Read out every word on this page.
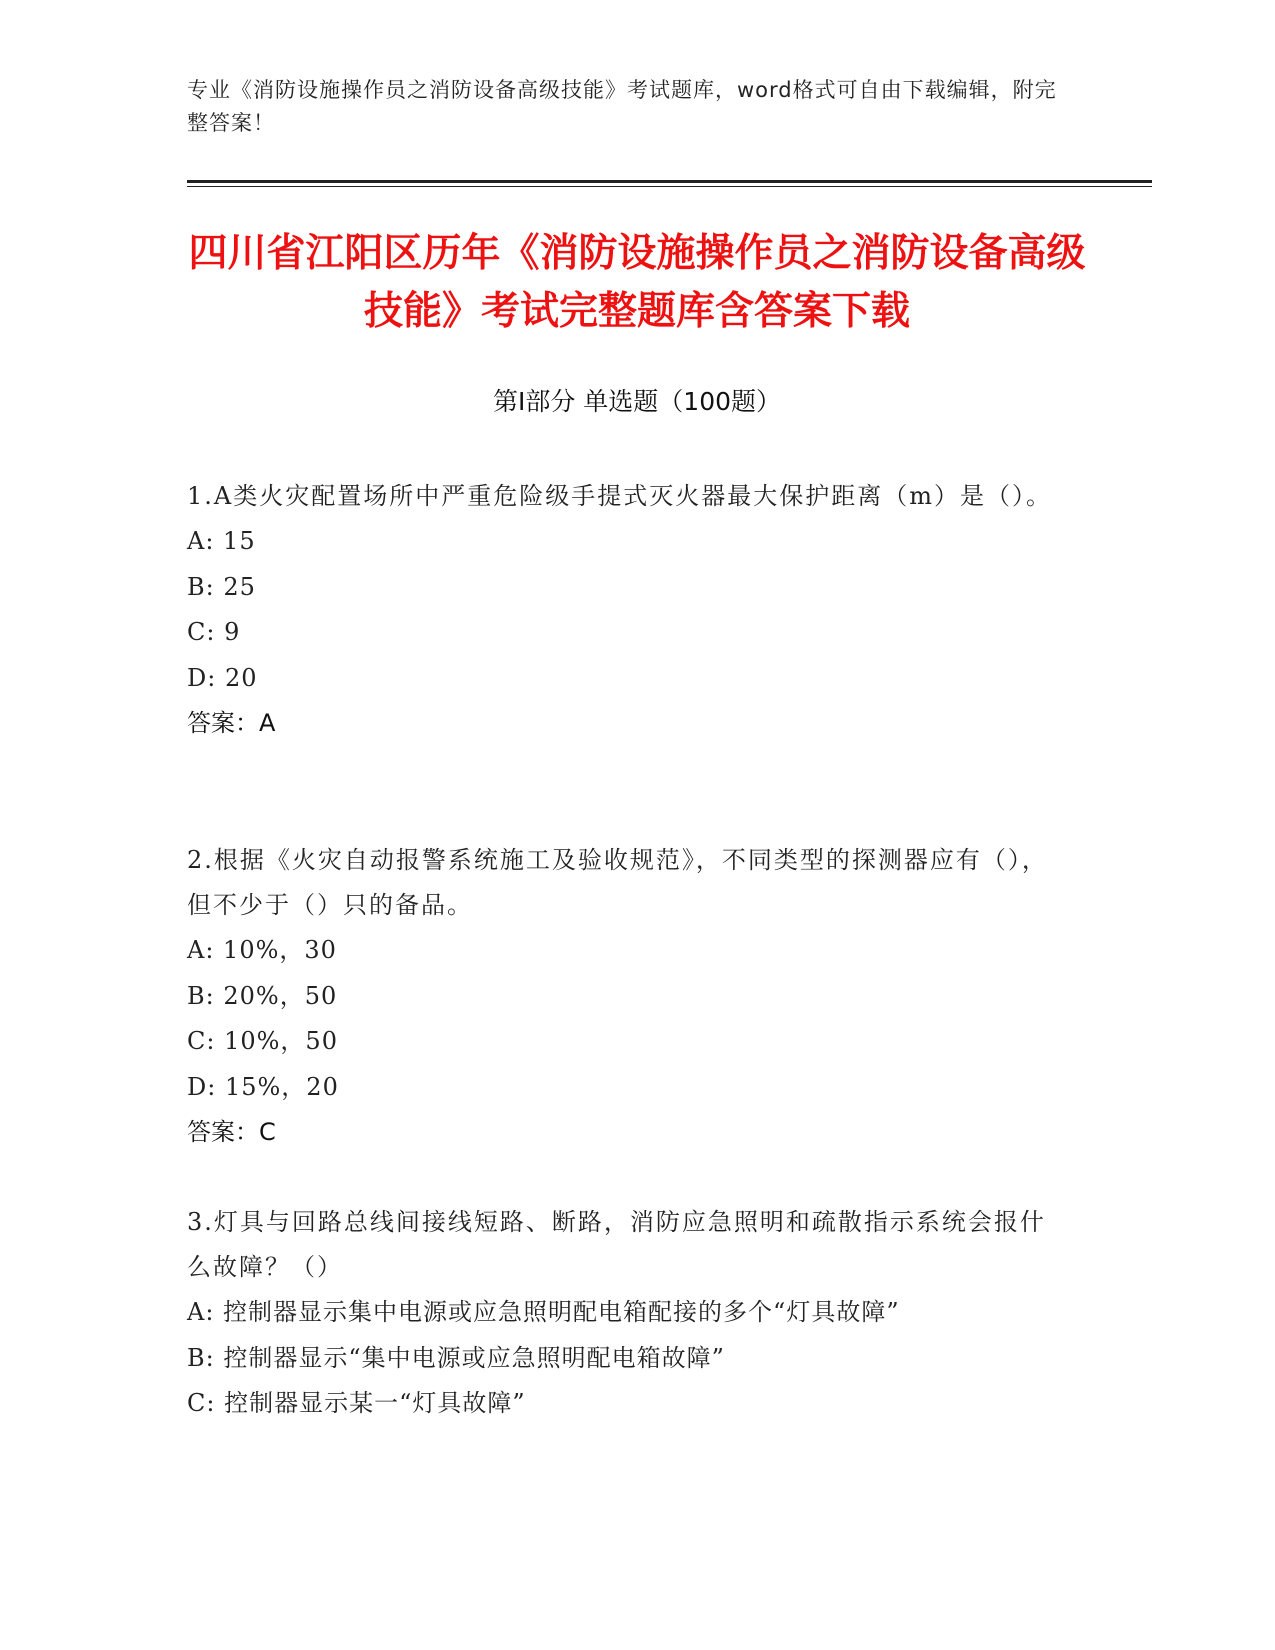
专业《消防设施操作员之消防设备高级技能》考试题库，word格式可自由下载编辑，附完整答案！
四川省江阳区历年《消防设施操作员之消防设备高级技能》考试完整题库含答案下载
第I部分 单选题（100题）
1.A类火灾配置场所中严重危险级手提式灭火器最大保护距离（m）是（）。
A: 15
B: 25
C: 9
D: 20
答案：A
2.根据《火灾自动报警系统施工及验收规范》，不同类型的探测器应有（），但不少于（）只的备品。
A: 10%，30
B: 20%，50
C: 10%，50
D: 15%，20
答案：C
3.灯具与回路总线间接线短路、断路，消防应急照明和疏散指示系统会报什么故障？（）
A: 控制器显示集中电源或应急照明配电箱配接的多个“灯具故障”
B: 控制器显示“集中电源或应急照明配电箱故障”
C: 控制器显示某一“灯具故障”
